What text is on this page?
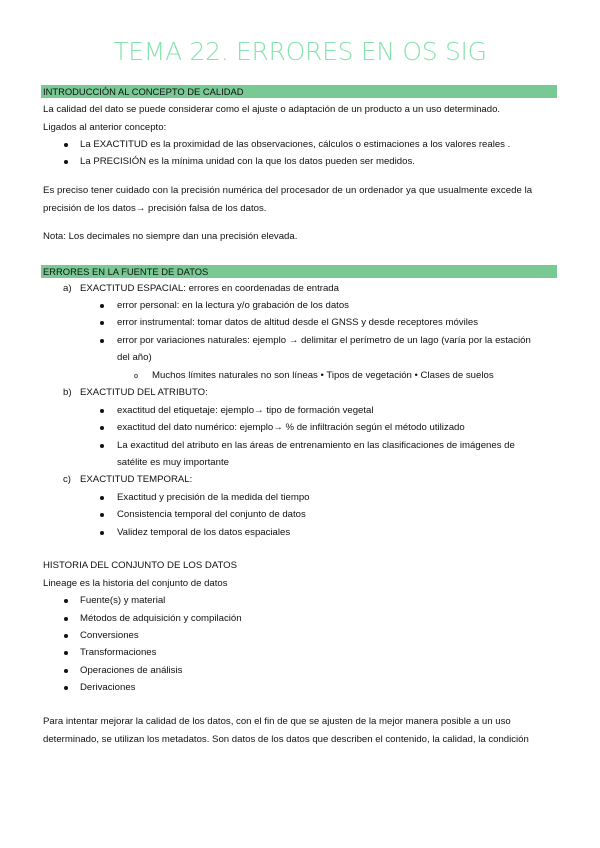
TEMA 22. ERRORES EN OS SIG
INTRODUCCIÓN AL CONCEPTO DE CALIDAD
La calidad del dato se puede considerar como el ajuste o adaptación de un producto a un uso determinado.
Ligados al anterior concepto:
La EXACTITUD es la proximidad de las observaciones, cálculos o estimaciones a los valores reales .
La PRECISIÓN es la mínima unidad con la que los datos pueden ser medidos.
Es preciso tener cuidado con la precisión numérica del procesador de un ordenador ya que usualmente excede la
precisión de los datos→ precisión falsa de los datos.
Nota: Los decimales no siempre dan una precisión elevada.
ERRORES EN LA FUENTE DE DATOS
a) EXACTITUD ESPACIAL: errores en coordenadas de entrada
error personal: en la lectura y/o grabación de los datos
error instrumental: tomar datos de altitud desde el GNSS y desde receptores móviles
error por variaciones naturales: ejemplo → delimitar el perímetro de un lago (varía por la estación
del año)
Muchos límites naturales no son líneas • Tipos de vegetación • Clases de suelos
b) EXACTITUD DEL ATRIBUTO:
exactitud del etiquetaje: ejemplo→ tipo de formación vegetal
exactitud del dato numérico: ejemplo→ % de infiltración según el método utilizado
La exactitud del atributo en las áreas de entrenamiento en las clasificaciones de imágenes de
satélite es muy importante
c) EXACTITUD TEMPORAL:
Exactitud y precisión de la medida del tiempo
Consistencia temporal del conjunto de datos
Validez temporal de los datos espaciales
HISTORIA DEL CONJUNTO DE LOS DATOS
Lineage es la historia del conjunto de datos
Fuente(s) y material
Métodos de adquisición y compilación
Conversiones
Transformaciones
Operaciones de análisis
Derivaciones
Para intentar mejorar la calidad de los datos, con el fin de que se ajusten de la mejor manera posible a un uso
determinado, se utilizan los metadatos. Son datos de los datos que describen el contenido, la calidad, la condición
